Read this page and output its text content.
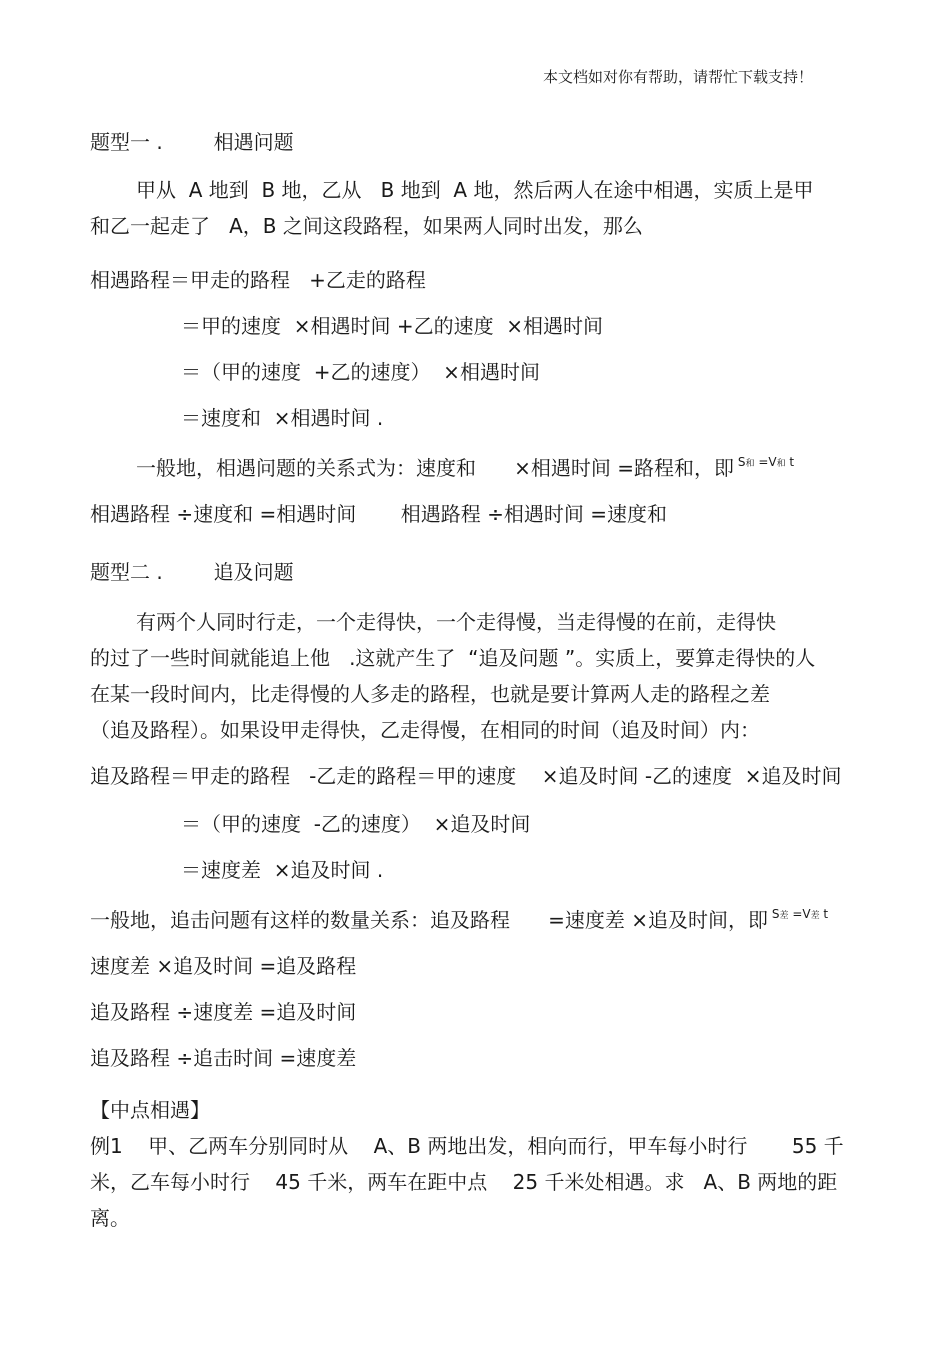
本文档如对你有帮助，请帮忙下载支持！
题型一 .        相遇问题
甲从  A 地到  B 地，乙从   B 地到  A 地，然后两人在途中相遇，实质上是甲
和乙一起走了   A，B 之间这段路程，如果两人同时出发，那么
相遇路程＝甲走的路程   +乙走的路程
＝甲的速度  ×相遇时间 +乙的速度  ×相遇时间
＝（甲的速度  +乙的速度）  ×相遇时间
＝速度和  ×相遇时间 .
一般地，相遇问题的关系式为：速度和      ×相遇时间 =路程和，即 $^{S和 =V和 t}$
相遇路程 ÷速度和 =相遇时间       相遇路程 ÷相遇时间 =速度和
题型二 .        追及问题
有两个人同时行走，一个走得快，一个走得慢，当走得慢的在前，走得快
的过了一些时间就能追上他   .这就产生了  “追及问题 ”。实质上，要算走得快的人
在某一段时间内，比走得慢的人多走的路程，也就是要计算两人走的路程之差
（追及路程）。如果设甲走得快，乙走得慢，在相同的时间（追及时间）内：
追及路程＝甲走的路程   -乙走的路程＝甲的速度    ×追及时间 -乙的速度  ×追及时间
＝（甲的速度  -乙的速度）  ×追及时间
＝速度差  ×追及时间 .
一般地，追击问题有这样的数量关系：追及路程      =速度差 ×追及时间，即 $^{S差 =V差 t}$
速度差 ×追及时间 =追及路程
追及路程 ÷速度差 =追及时间
追及路程 ÷追击时间 =速度差
【中点相遇】
例1    甲、乙两车分别同时从    A、B 两地出发，相向而行，甲车每小时行       55 千
米，乙车每小时行    45 千米，两车在距中点    25 千米处相遇。求   A、B 两地的距
离。
